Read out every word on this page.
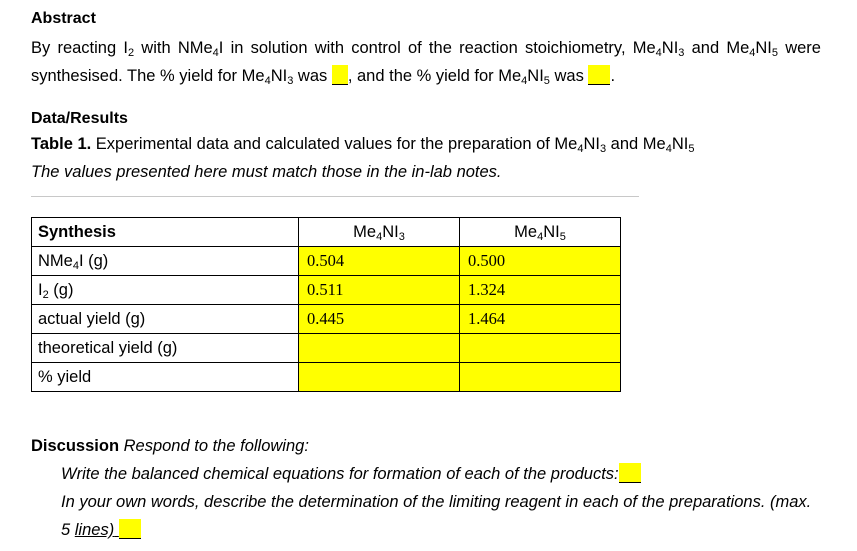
Abstract
By reacting $I_2$ with NMe$_4$I in solution with control of the reaction stoichiometry, $Me_4NI_3$ and $Me_4NI_5$ were synthesised. The % yield for $Me_4NI_3$ was , and the % yield for $Me_4NI_5$ was .
Data/Results
Table 1. Experimental data and calculated values for the preparation of $Me_4NI_3$ and $Me_4NI_5$
The values presented here must match those in the in-lab notes.
Synthesis	$Me_4NI_3$	$Me_4NI_5$
NMe$_4$I (g)	0.504	0.500
$I_2$ (g)	0.511	1.324
actual yield (g)	0.445	1.464
theoretical yield (g)		
% yield		
Discussion Respond to the following:
Write the balanced chemical equations for formation of each of the products:
In your own words, describe the determination of the limiting reagent in each of the preparations. (max. 5 lines)
